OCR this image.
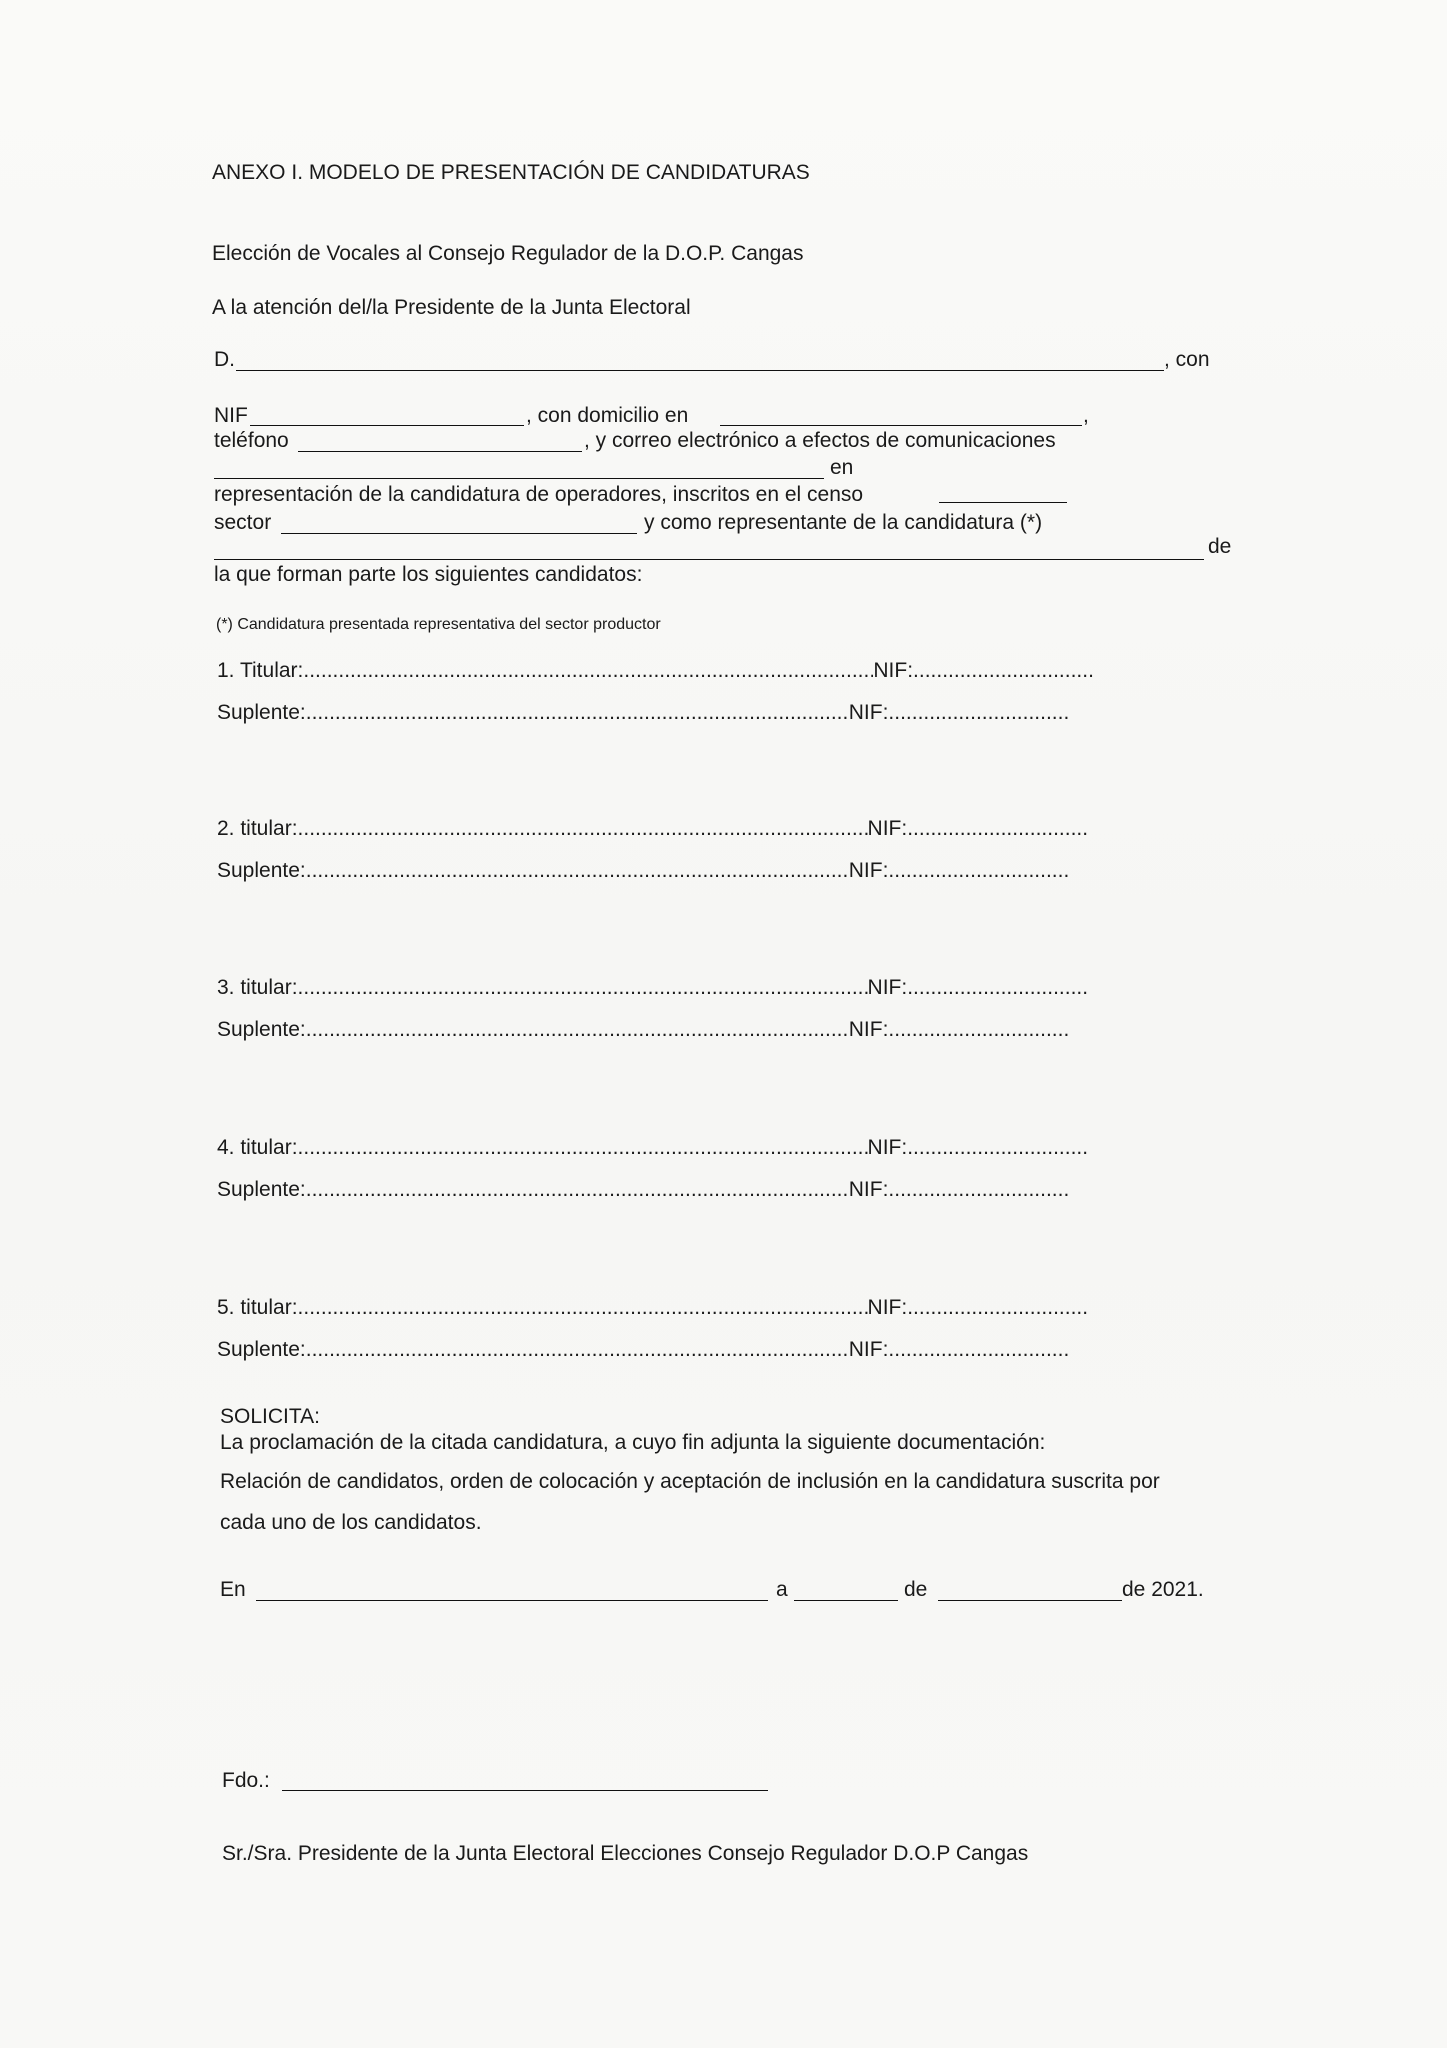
ANEXO I. MODELO DE PRESENTACIÓN DE CANDIDATURAS
Elección de Vocales al Consejo Regulador de la D.O.P. Cangas
A la atención del/la Presidente de la Junta Electoral
D.	, con
NIF	, con domicilio en	,
teléfono	, y correo electrónico a efectos de comunicaciones
en
representación de la candidatura de operadores, inscritos en el censo
sector	y como representante de la candidatura (*)
de
la que forman parte los siguientes candidatos:
(*) Candidatura presentada representativa del sector productor
1. Titular: .....	NIF:
.....
Suplente: .....	NIF:
.....
2. titular: .....	NIF:
.....
Suplente: .....	NIF:
.....
3. titular: .....	NIF:
.....
Suplente: .....	NIF:
.....
4. titular: .....	NIF:
.....
Suplente: .....	NIF:
.....
5. titular: .....	NIF:
.....
Suplente: .....	NIF:
.....
SOLICITA:
La proclamación de la citada candidatura, a cuyo fin adjunta la siguiente documentación:
Relación de candidatos, orden de colocación y aceptación de inclusión en la candidatura suscrita por
cada uno de los candidatos.
En	a	de	de 2021.
Fdo.:
Sr./Sra. Presidente de la Junta Electoral Elecciones Consejo Regulador D.O.P Cangas
